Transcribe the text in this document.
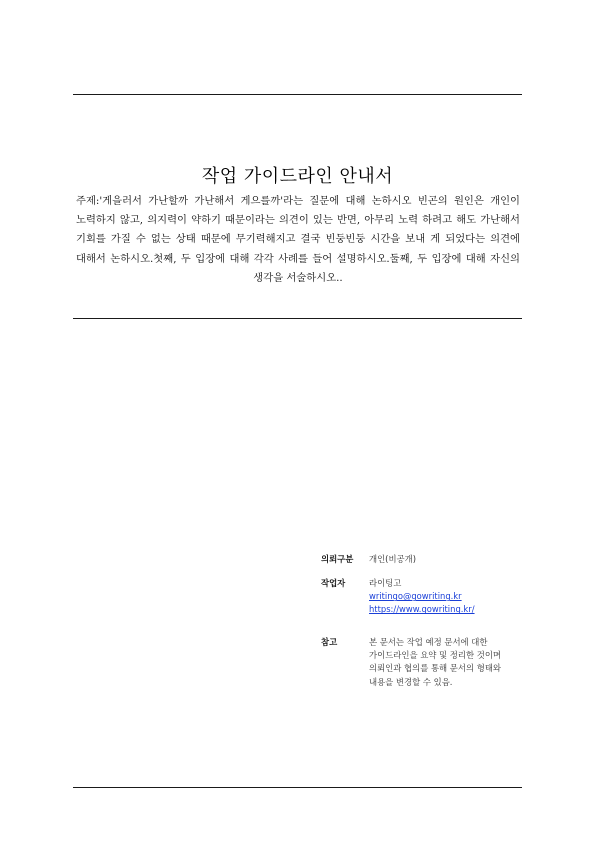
작업 가이드라인 안내서
주제:'게을러서 가난할까 가난해서 게으를까'라는 질문에 대해 논하시오 빈곤의 원인은 개인이 노력하지 않고, 의지력이 약하기 때문이라는 의견이 있는 반면, 아무리 노력 하려고 해도 가난해서 기회를 가질 수 없는 상태 때문에 무기력해지고 결국 빈둥빈둥 시간을 보내 게 되었다는 의견에 대해서 논하시오.첫째, 두 입장에 대해 각각 사례를 들어 설명하시오.둘째, 두 입장에 대해 자신의 생각을 서술하시오..
의뢰구분 개인(비공개)
작업자	라이팅고
writingo@gowriting.kr
https://www.gowriting.kr/
참고	본 문서는 작업 예정 문서에 대한
가이드라인을 요약 및 정리한 것이며
의뢰인과 협의를 통해 문서의 형태와
내용을 변경할 수 있음.
